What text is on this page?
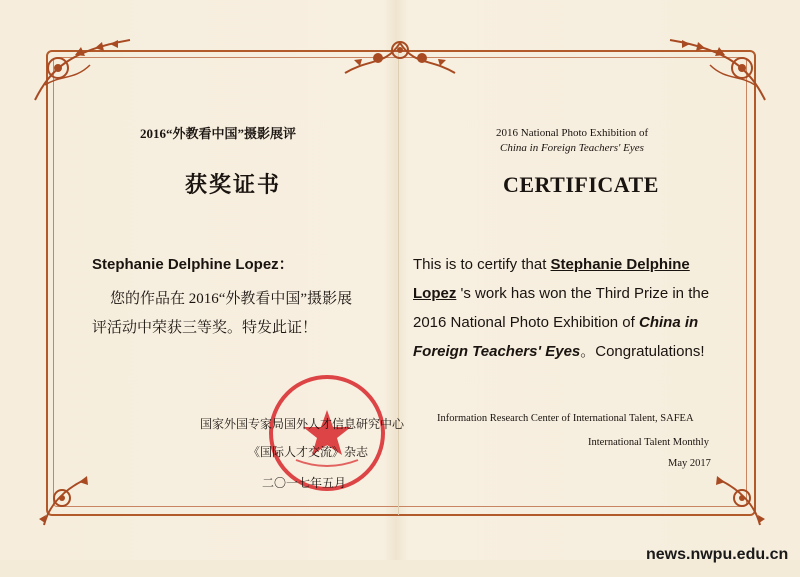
2016“外教看中国”摄影展评
获奖证书
Stephanie Delphine Lopez：
您的作品在 2016“外教看中国”摄影展
评活动中荣获三等奖。特发此证！
国家外国专家局国外人才信息研究中心
《国际人才交流》杂志
二〇一七年五月
2016 National Photo Exhibition of
China in Foreign Teachers' Eyes
CERTIFICATE
This is to certify that Stephanie Delphine Lopez 's work has won the Third Prize in the 2016 National Photo Exhibition of China in Foreign Teachers' Eyes。Congratulations!
Information Research Center of International Talent, SAFEA
International Talent Monthly
May 2017
news.nwpu.edu.cn
